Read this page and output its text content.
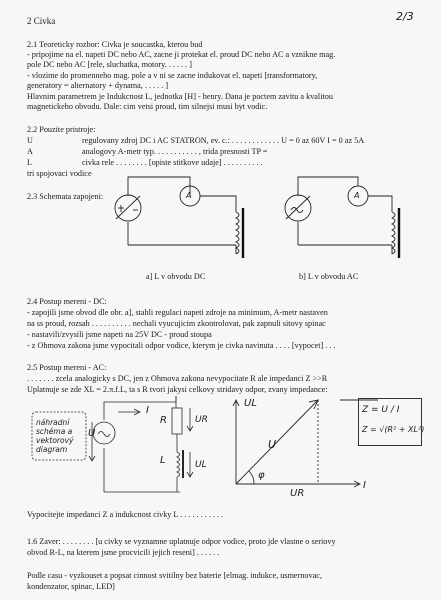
2/3
2 Civka
2.1 Teoreticky rozbor: Civka je soucastka, kterou bud
- pripojime na el. napeti DC nebo AC, zacne ji protekat el. proud DC nebo AC a vznikne mag.
pole DC nebo AC [rele, sluchatka, motory. . . . . . ]
- vlozime do promenneho mag. pole a v ni se zacne indukovat el. napeti [transformatory,
generatory = alternatory + dynama, . . . . . ]
Hlavnim parametrem je Indukcnost L, jednotka [H] - henry. Dana je poctem zavitu a kvalitou
magnetickeho obvodu. Dale: cim vetsi proud, tim silnejsi musi byt vodic.
2.2 Pouzite pristroje:
U	regulovany zdroj DC i AC STATRON, ev. c.: . . . . . . . . . . . . U = 0 az 60V I = 0 az 5A
A	analogovy A-metr typ. . . . . . . . . . . , trida presnosti TP =
L	civka rele . . . . . . . . [opiste stitkove udaje] . . . . . . . . . .
tri spojovaci vodice
2.3 Schemata zapojeni:	A	A
a] L v obvodu DC	b] L v obvodu AC
2.4 Postup mereni - DC:
- zapojili jsme obvod dle obr. a], stahli regulaci napeti zdroje na minimum, A-metr nastaven
na ss proud, rozsah . . . . . . . . . . nechali vyucujicim zkontrolovat, pak zapnuli sitovy spinac
- nastavili/zvysili jsme napeti na 25V DC - proud stoupa
- z Ohmova zakona jsme vypocitali odpor vodice, kterym je civka navinuta . . . . [vypocet] . . .
2.5 Postup mereni - AC:
. . . . . . . zcela analogicky s DC, jen z Ohmova zakona nevypocitate R ale impedanci Z >>R
Uplatnuje se zde XL = 2.π.f.L, ta s R tvori jakysi celkovy stridavy odpor, zvany impedance:
náhradní schéma a vektorový diagram
U
I
R
L
UR
UL
UL
U
φ
UR
I
Z = U / I
Z = √(R² + XL²)
Vypocitejte impedanci Z a indukcnost civky L . . . . . . . . . . .
1.6 Zaver: . . . . . . . . [u civky se vyznamne uplatnuje odpor vodice, proto jde vlastne o seriovy
obvod R-L, na kterem jsme procvicili jejich reseni] . . . . . .
Podle casu - vyzkouset a popsat cinnost svitilny bez baterie [elmag. indukce, usmernovac,
kondenzator, spinac, LED]
